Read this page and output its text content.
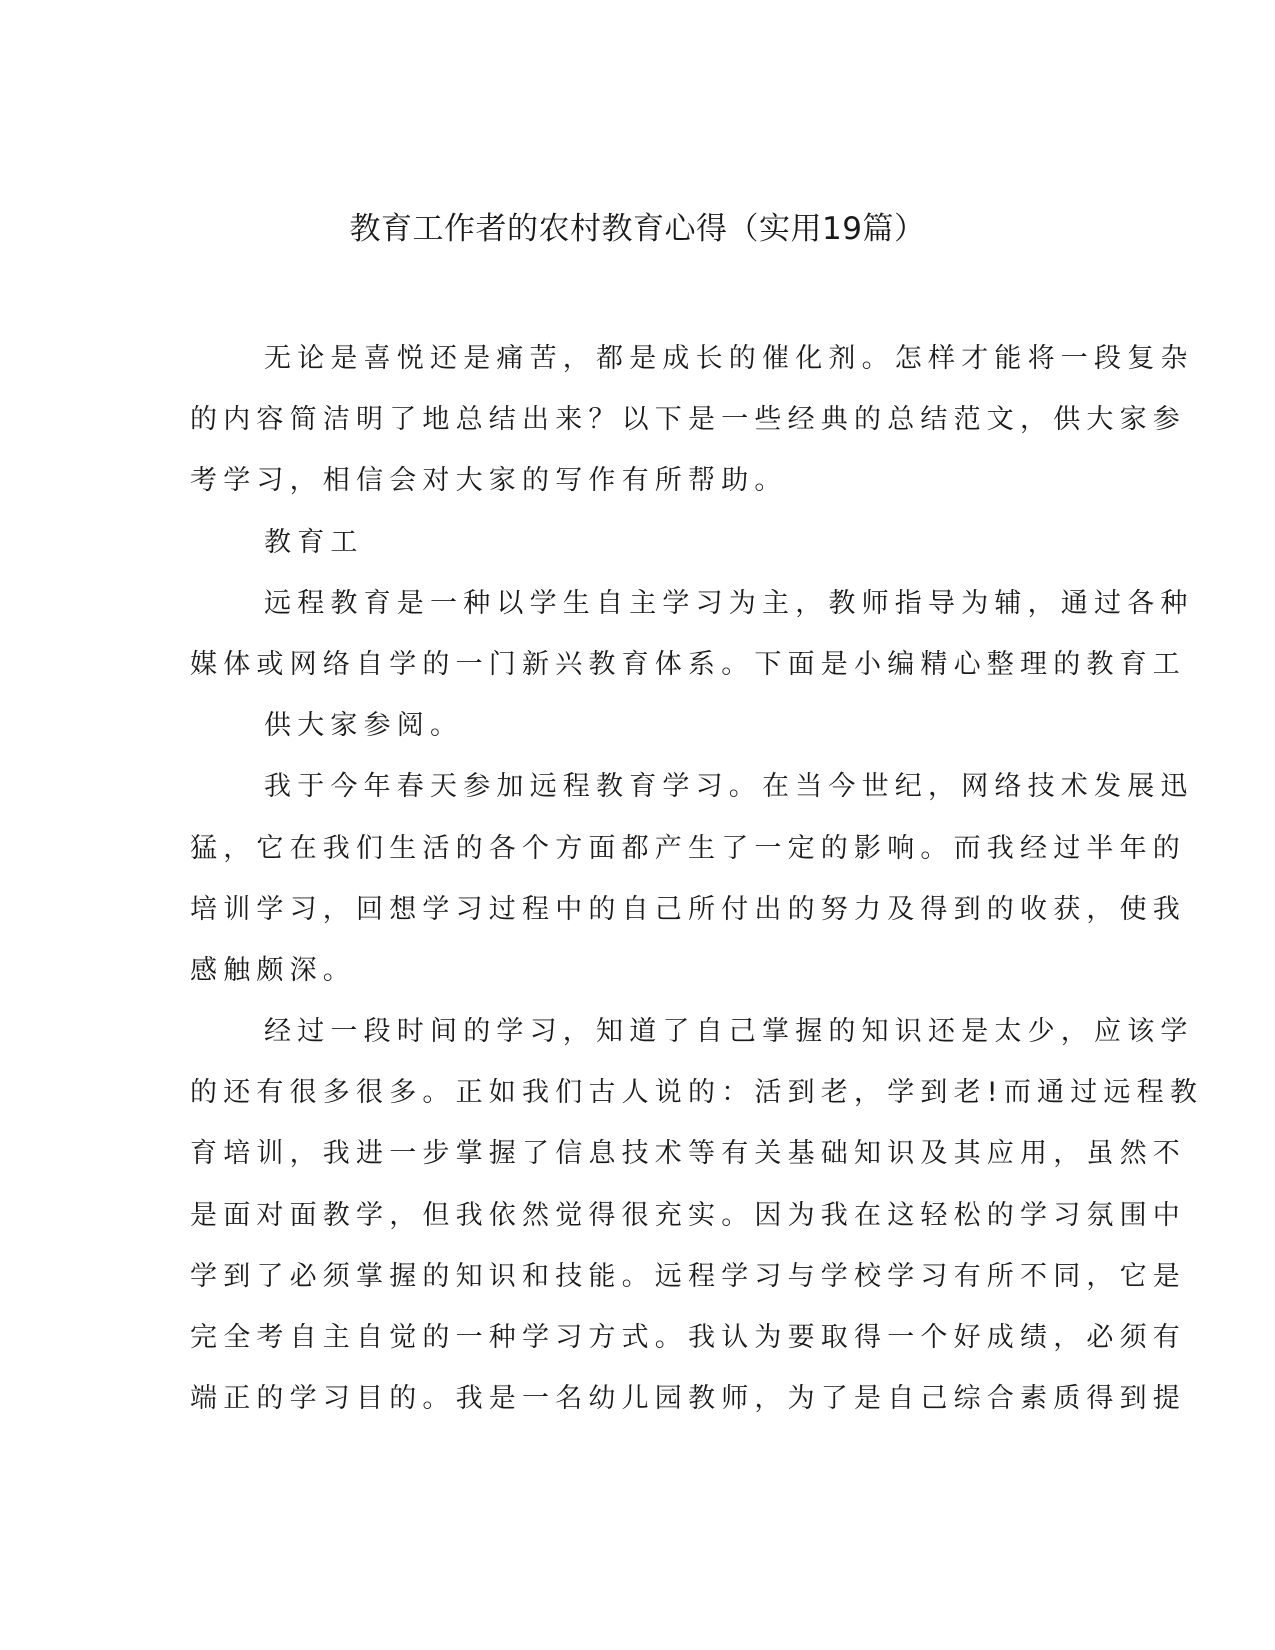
教育工作者的农村教育心得（实用19篇）
无论是喜悦还是痛苦，都是成长的催化剂。怎样才能将一段复杂
的内容简洁明了地总结出来？以下是一些经典的总结范文，供大家参
考学习，相信会对大家的写作有所帮助。
教育工
远程教育是一种以学生自主学习为主，教师指导为辅，通过各种
媒体或网络自学的一门新兴教育体系。下面是小编精心整理的教育工
供大家参阅。
我于今年春天参加远程教育学习。在当今世纪，网络技术发展迅
猛，它在我们生活的各个方面都产生了一定的影响。而我经过半年的
培训学习，回想学习过程中的自己所付出的努力及得到的收获，使我
感触颇深。
经过一段时间的学习，知道了自己掌握的知识还是太少，应该学
的还有很多很多。正如我们古人说的：活到老，学到老!而通过远程教
育培训，我进一步掌握了信息技术等有关基础知识及其应用，虽然不
是面对面教学，但我依然觉得很充实。因为我在这轻松的学习氛围中
学到了必须掌握的知识和技能。远程学习与学校学习有所不同，它是
完全考自主自觉的一种学习方式。我认为要取得一个好成绩，必须有
端正的学习目的。我是一名幼儿园教师，为了是自己综合素质得到提
